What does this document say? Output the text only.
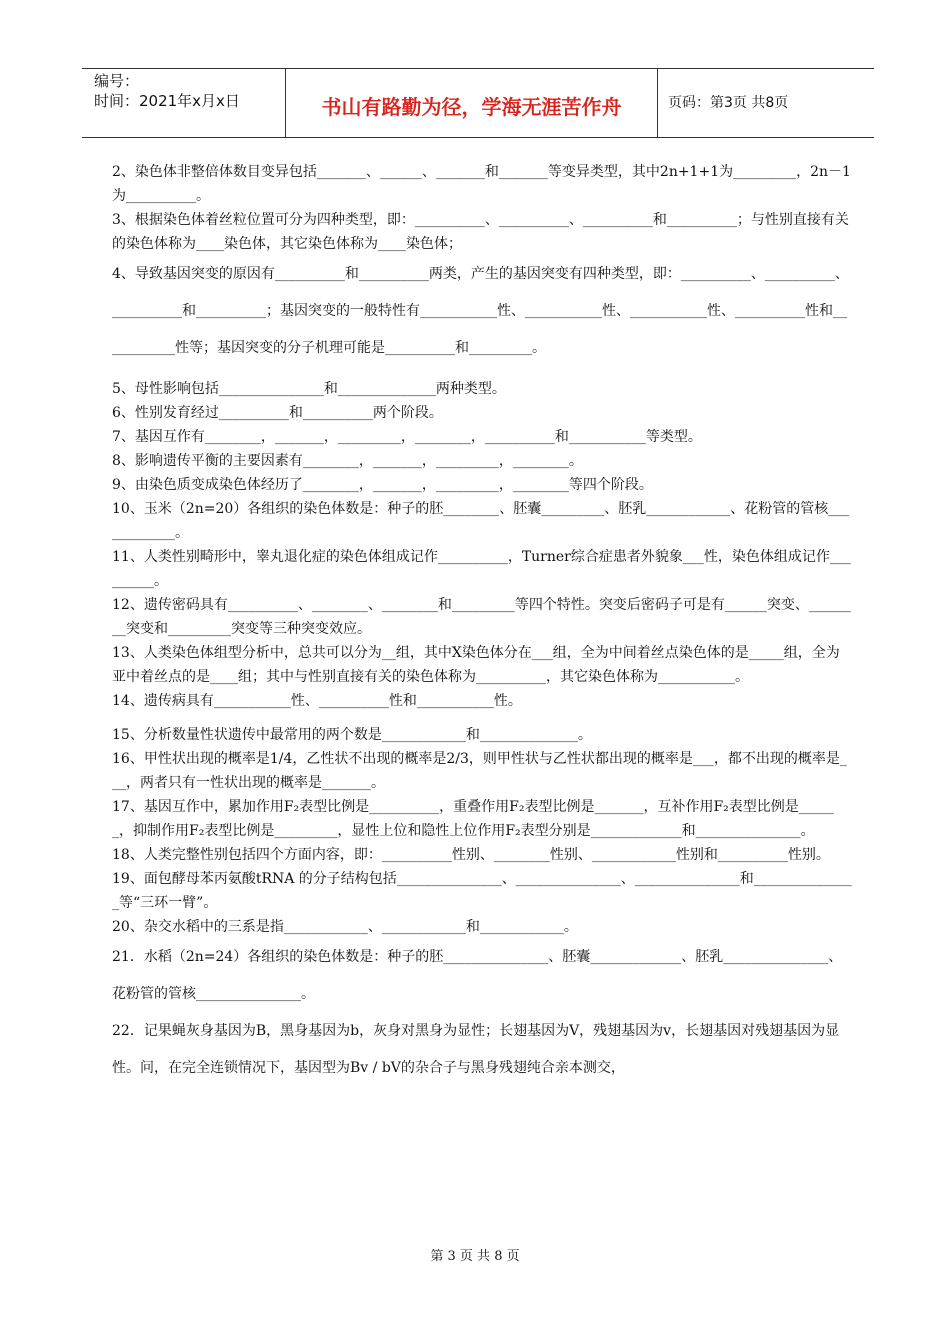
编号：
时间：2021年x月x日	书山有路勤为径，学海无涯苦作舟	页码：第3页 共8页

2、染色体非整倍体数目变异包括_______、______、_______和_______等变异类型，其中2n+1+1为_________，2n－1为__________。

3、根据染色体着丝粒位置可分为四种类型，即：__________、__________、__________和__________；与性别直接有关的染色体称为____染色体，其它染色体称为____染色体；

4、导致基因突变的原因有__________和__________两类，产生的基因突变有四种类型，即：__________、__________、__________和__________；基因突变的一般特性有___________性、___________性、___________性、__________性和___________性等；基因突变的分子机理可能是__________和_________。

5、母性影响包括_______________和______________两种类型。

6、性别发育经过__________和__________两个阶段。

7、基因互作有________，_______，_________，________，__________和___________等类型。

8、影响遗传平衡的主要因素有________，_______，_________，________。

9、由染色质变成染色体经历了________，_______，_________，________等四个阶段。

10、玉米（2n=20）各组织的染色体数是：种子的胚________、胚囊_________、胚乳____________、花粉管的管核____________。

11、人类性别畸形中，睾丸退化症的染色体组成记作__________，Turner综合症患者外貌象___性，染色体组成记作_________。

12、遗传密码具有__________、________、________和_________等四个特性。突变后密码子可是有______突变、________突变和_________突变等三种突变效应。

13、人类染色体组型分析中，总共可以分为__组，其中X染色体分在___组，全为中间着丝点染色体的是_____组，全为亚中着丝点的是____组；其中与性别直接有关的染色体称为__________，其它染色体称为___________。

14、遗传病具有___________性、__________性和___________性。

15、分析数量性状遗传中最常用的两个数是____________和______________。

16、甲性状出现的概率是1/4，乙性状不出现的概率是2/3，则甲性状与乙性状都出现的概率是___，都不出现的概率是___，两者只有一性状出现的概率是_______。

17、基因互作中，累加作用F₂表型比例是__________，重叠作用F₂表型比例是_______，互补作用F₂表型比例是______，抑制作用F₂表型比例是_________，显性上位和隐性上位作用F₂表型分别是_____________和_______________。

18、人类完整性别包括四个方面内容，即：__________性别、________性别、____________性别和__________性别。

19、面包酵母苯丙氨酸tRNA 的分子结构包括_______________、_______________、_______________和_______________等“三环一臂”。

20、杂交水稻中的三系是指____________、____________和____________。

21．水稻（2n=24）各组织的染色体数是：种子的胚_______________、胚囊_____________、胚乳_______________、花粉管的管核_______________。

22．记果蝇灰身基因为B，黑身基因为b，灰身对黑身为显性；长翅基因为V，残翅基因为v，长翅基因对残翅基因为显性。问，在完全连锁情况下，基因型为Bv / bV的杂合子与黑身残翅纯合亲本测交，

第 3 页 共 8 页
